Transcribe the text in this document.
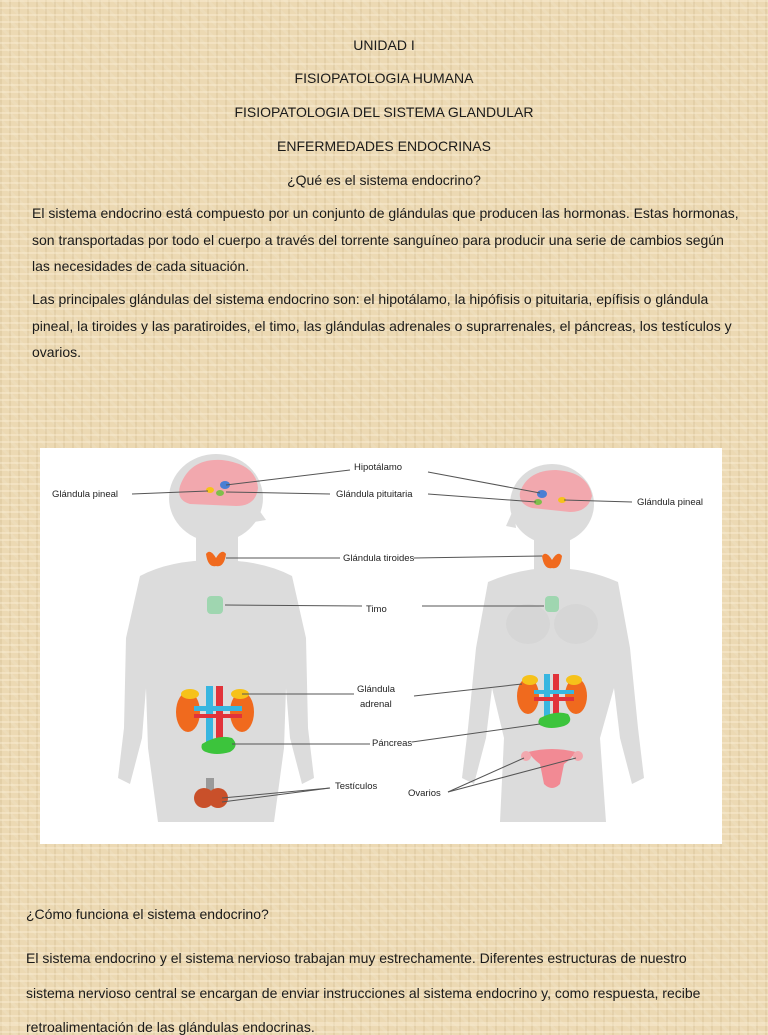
UNIDAD I
FISIOPATOLOGIA HUMANA
FISIOPATOLOGIA DEL SISTEMA GLANDULAR
ENFERMEDADES ENDOCRINAS
¿Qué es el sistema endocrino?

El sistema endocrino está compuesto por un conjunto de glándulas que producen las hormonas. Estas hormonas, son transportadas por todo el cuerpo a través del torrente sanguíneo para producir una serie de cambios según las necesidades de cada situación.

Las principales glándulas del sistema endocrino son: el hipotálamo, la hipófisis o pituitaria, epífisis o glándula pineal, la tiroides y las paratiroides, el timo, las glándulas adrenales o suprarrenales, el páncreas, los testículos y ovarios.

Glándula pineal
Hipotálamo
Glándula pituitaria
Glándula pineal
Glándula tiroides
Timo
Glándula
adrenal
Páncreas
Testículos
Ovarios

¿Cómo funciona el sistema endocrino?

El sistema endocrino y el sistema nervioso trabajan muy estrechamente. Diferentes estructuras de nuestro

sistema nervioso central se encargan de enviar instrucciones al sistema endocrino y, como respuesta, recibe

retroalimentación de las glándulas endocrinas.
